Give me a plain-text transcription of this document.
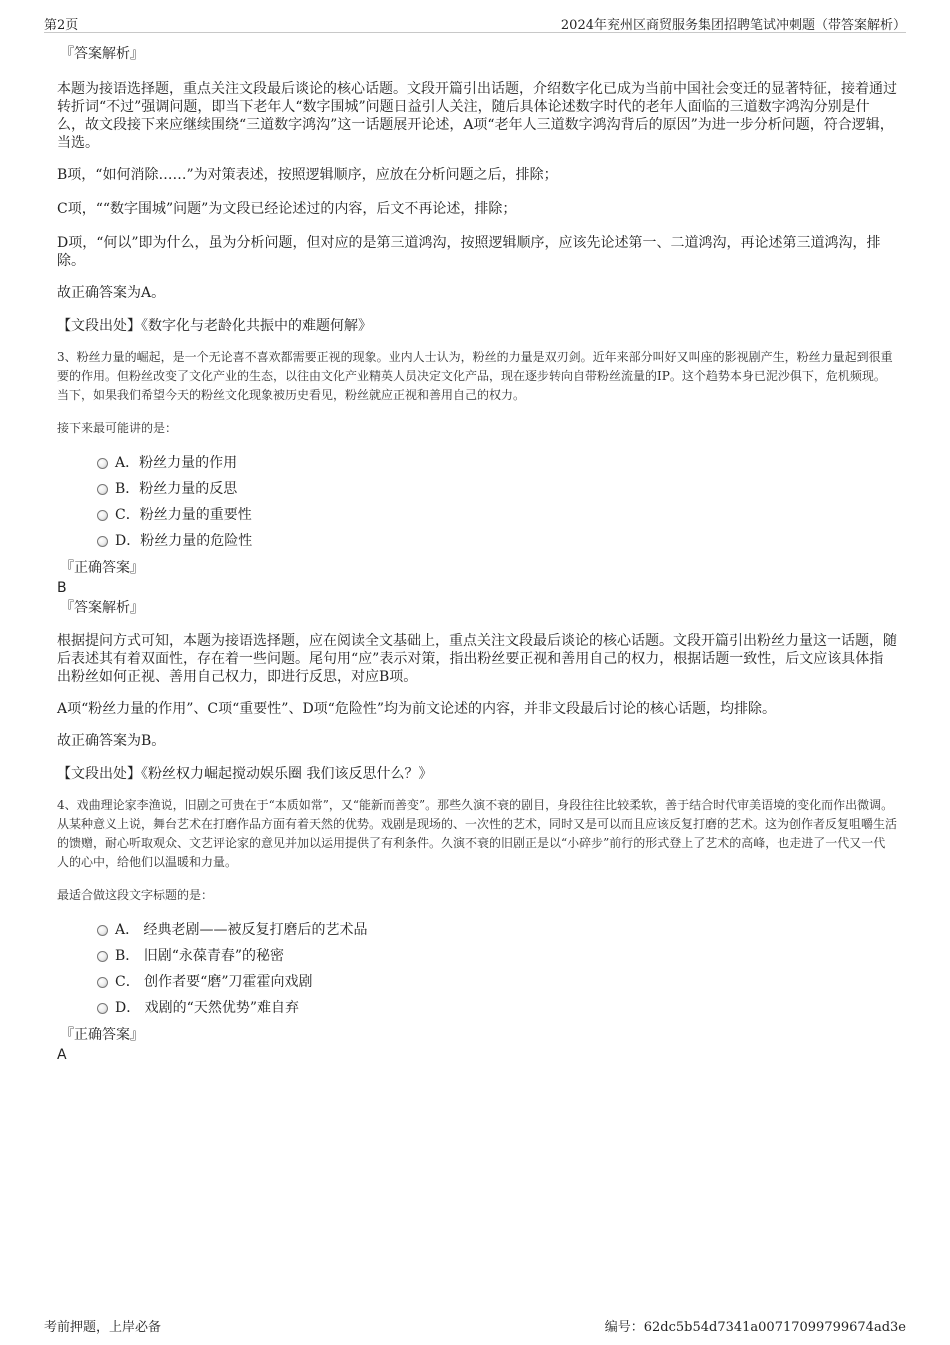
第2页	2024年兖州区商贸服务集团招聘笔试冲刺题（带答案解析）
『答案解析』

本题为接语选择题，重点关注文段最后谈论的核心话题。文段开篇引出话题，介绍数字化已成为当前中国社会变迁的显著特征，接着通过转折词“不过”强调问题，即当下老年人“数字围城”问题日益引人关注，随后具体论述数字时代的老年人面临的三道数字鸿沟分别是什么，故文段接下来应继续围绕“三道数字鸿沟”这一话题展开论述，A项“老年人三道数字鸿沟背后的原因”为进一步分析问题，符合逻辑，当选。

B项，“如何消除……”为对策表述，按照逻辑顺序，应放在分析问题之后，排除；

C项，““数字围城”问题”为文段已经论述过的内容，后文不再论述，排除；

D项，“何以”即为什么，虽为分析问题，但对应的是第三道鸿沟，按照逻辑顺序，应该先论述第一、二道鸿沟，再论述第三道鸿沟，排除。

故正确答案为A。

【文段出处】《数字化与老龄化共振中的难题何解》

3、粉丝力量的崛起，是一个无论喜不喜欢都需要正视的现象。业内人士认为，粉丝的力量是双刃剑。近年来部分叫好又叫座的影视剧产生，粉丝力量起到很重要的作用。但粉丝改变了文化产业的生态，以往由文化产业精英人员决定文化产品，现在逐步转向自带粉丝流量的IP。这个趋势本身已泥沙俱下，危机频现。当下，如果我们希望今天的粉丝文化现象被历史看见，粉丝就应正视和善用自己的权力。

接下来最可能讲的是：

A．粉丝力量的作用
B．粉丝力量的反思
C．粉丝力量的重要性
D．粉丝力量的危险性
『正确答案』
B
『答案解析』

根据提问方式可知，本题为接语选择题，应在阅读全文基础上，重点关注文段最后谈论的核心话题。文段开篇引出粉丝力量这一话题，随后表述其有着双面性，存在着一些问题。尾句用“应”表示对策，指出粉丝要正视和善用自己的权力，根据话题一致性，后文应该具体指出粉丝如何正视、善用自己权力，即进行反思，对应B项。

A项“粉丝力量的作用”、C项“重要性”、D项“危险性”均为前文论述的内容，并非文段最后讨论的核心话题，均排除。

故正确答案为B。

【文段出处】《粉丝权力崛起搅动娱乐圈 我们该反思什么？》

4、戏曲理论家李渔说，旧剧之可贵在于“本质如常”，又“能新而善变”。那些久演不衰的剧目，身段往往比较柔软，善于结合时代审美语境的变化而作出微调。从某种意义上说，舞台艺术在打磨作品方面有着天然的优势。戏剧是现场的、一次性的艺术，同时又是可以而且应该反复打磨的艺术。这为创作者反复咀嚼生活的馈赠，耐心听取观众、文艺评论家的意见并加以运用提供了有利条件。久演不衰的旧剧正是以“小碎步”前行的形式登上了艺术的高峰，也走进了一代又一代人的心中，给他们以温暖和力量。

最适合做这段文字标题的是：

A． 经典老剧——被反复打磨后的艺术品
B． 旧剧“永葆青春”的秘密
C． 创作者要“磨”刀霍霍向戏剧
D． 戏剧的“天然优势”难自弃
『正确答案』
A
考前押题，上岸必备	编号：62dc5b54d7341a00717099799674ad3e
